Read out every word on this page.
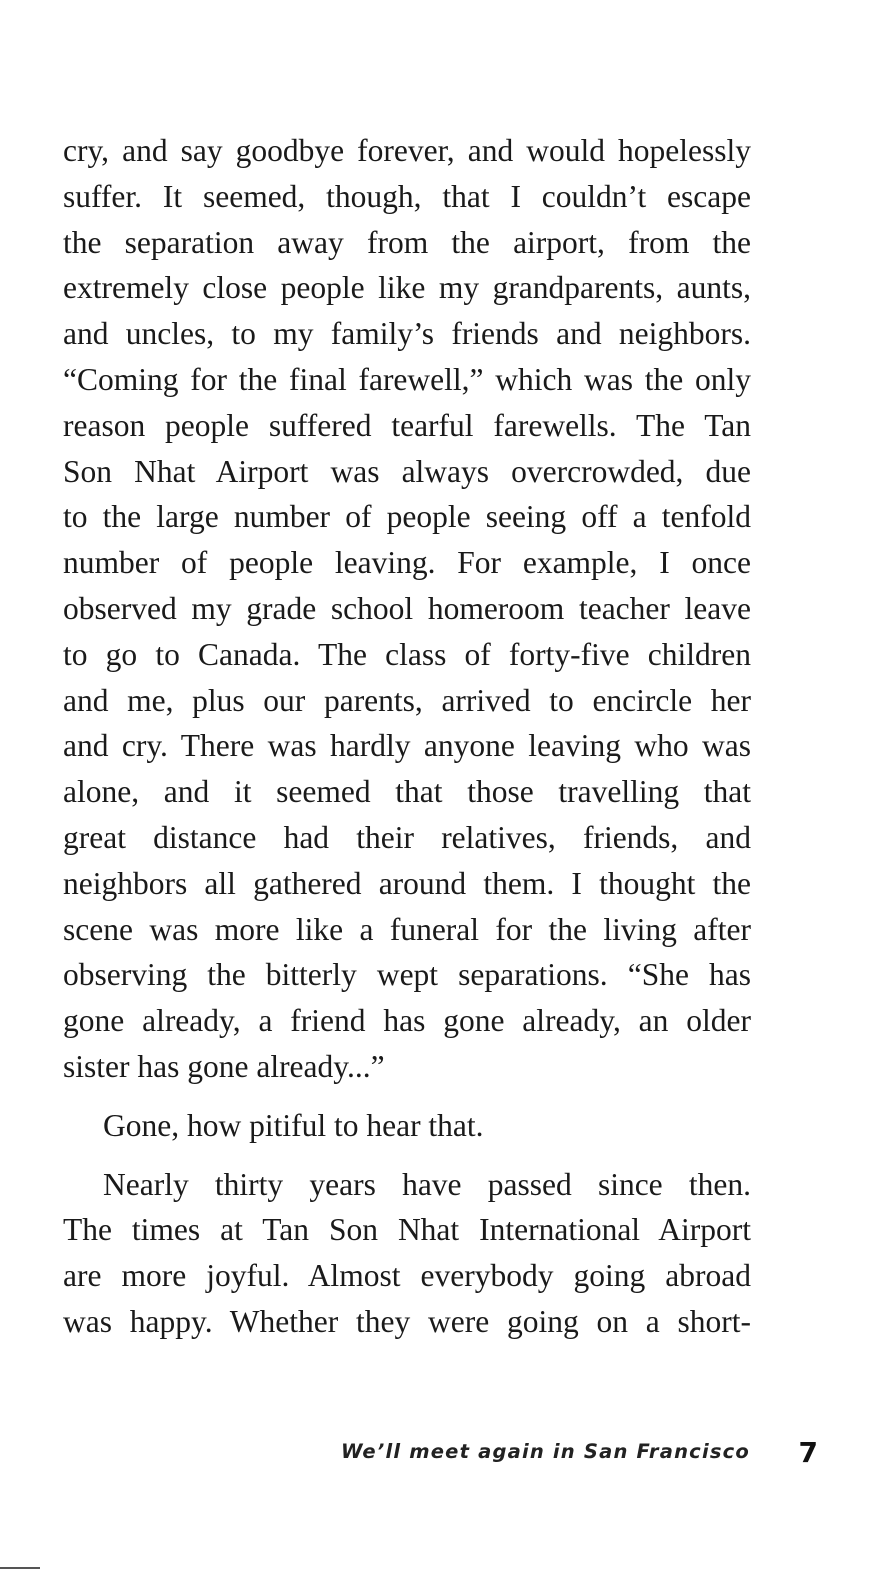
cry, and say goodbye forever, and would hopelessly
suffer. It seemed, though, that I couldn’t escape
the separation away from the airport, from the
extremely close people like my grandparents, aunts,
and uncles, to my family’s friends and neighbors.
“Coming for the final farewell,” which was the only
reason people suffered tearful farewells. The Tan
Son Nhat Airport was always overcrowded, due
to the large number of people seeing off a tenfold
number of people leaving. For example, I once
observed my grade school homeroom teacher leave
to go to Canada. The class of forty-five children
and me, plus our parents, arrived to encircle her
and cry. There was hardly anyone leaving who was
alone, and it seemed that those travelling that
great distance had their relatives, friends, and
neighbors all gathered around them. I thought the
scene was more like a funeral for the living after
observing the bitterly wept separations. “She has
gone already, a friend has gone already, an older
sister has gone already...”

Gone, how pitiful to hear that.

Nearly thirty years have passed since then.
The times at Tan Son Nhat International Airport
are more joyful. Almost everybody going abroad
was happy. Whether they were going on a short-

We’ll meet again in San Francisco 7
